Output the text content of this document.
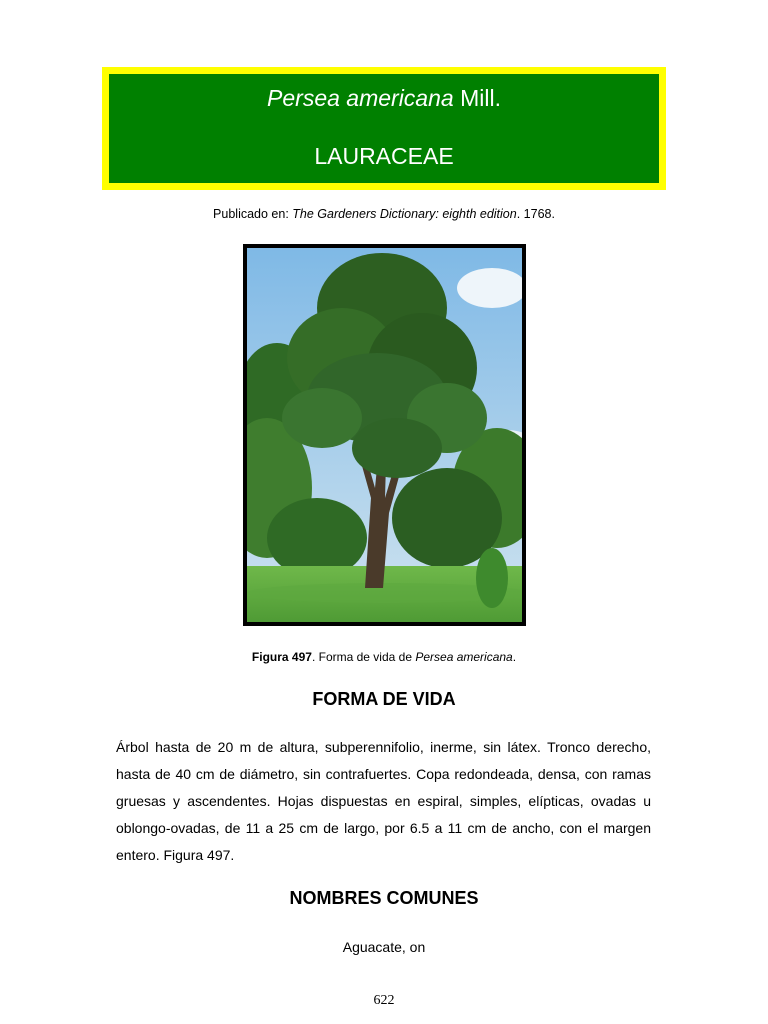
Persea americana Mill.
LAURACEAE
Publicado en: The Gardeners Dictionary: eighth edition. 1768.
Figura 497. Forma de vida de Persea americana.
FORMA DE VIDA
Árbol hasta de 20 m de altura, subperennifolio, inerme, sin látex. Tronco derecho, hasta de 40 cm de diámetro, sin contrafuertes. Copa redondeada, densa, con ramas gruesas y ascendentes. Hojas dispuestas en espiral, simples, elípticas, ovadas u oblongo-ovadas, de 11 a 25 cm de largo, por 6.5 a 11 cm de ancho, con el margen entero. Figura 497.
NOMBRES COMUNES
Aguacate, on
622
